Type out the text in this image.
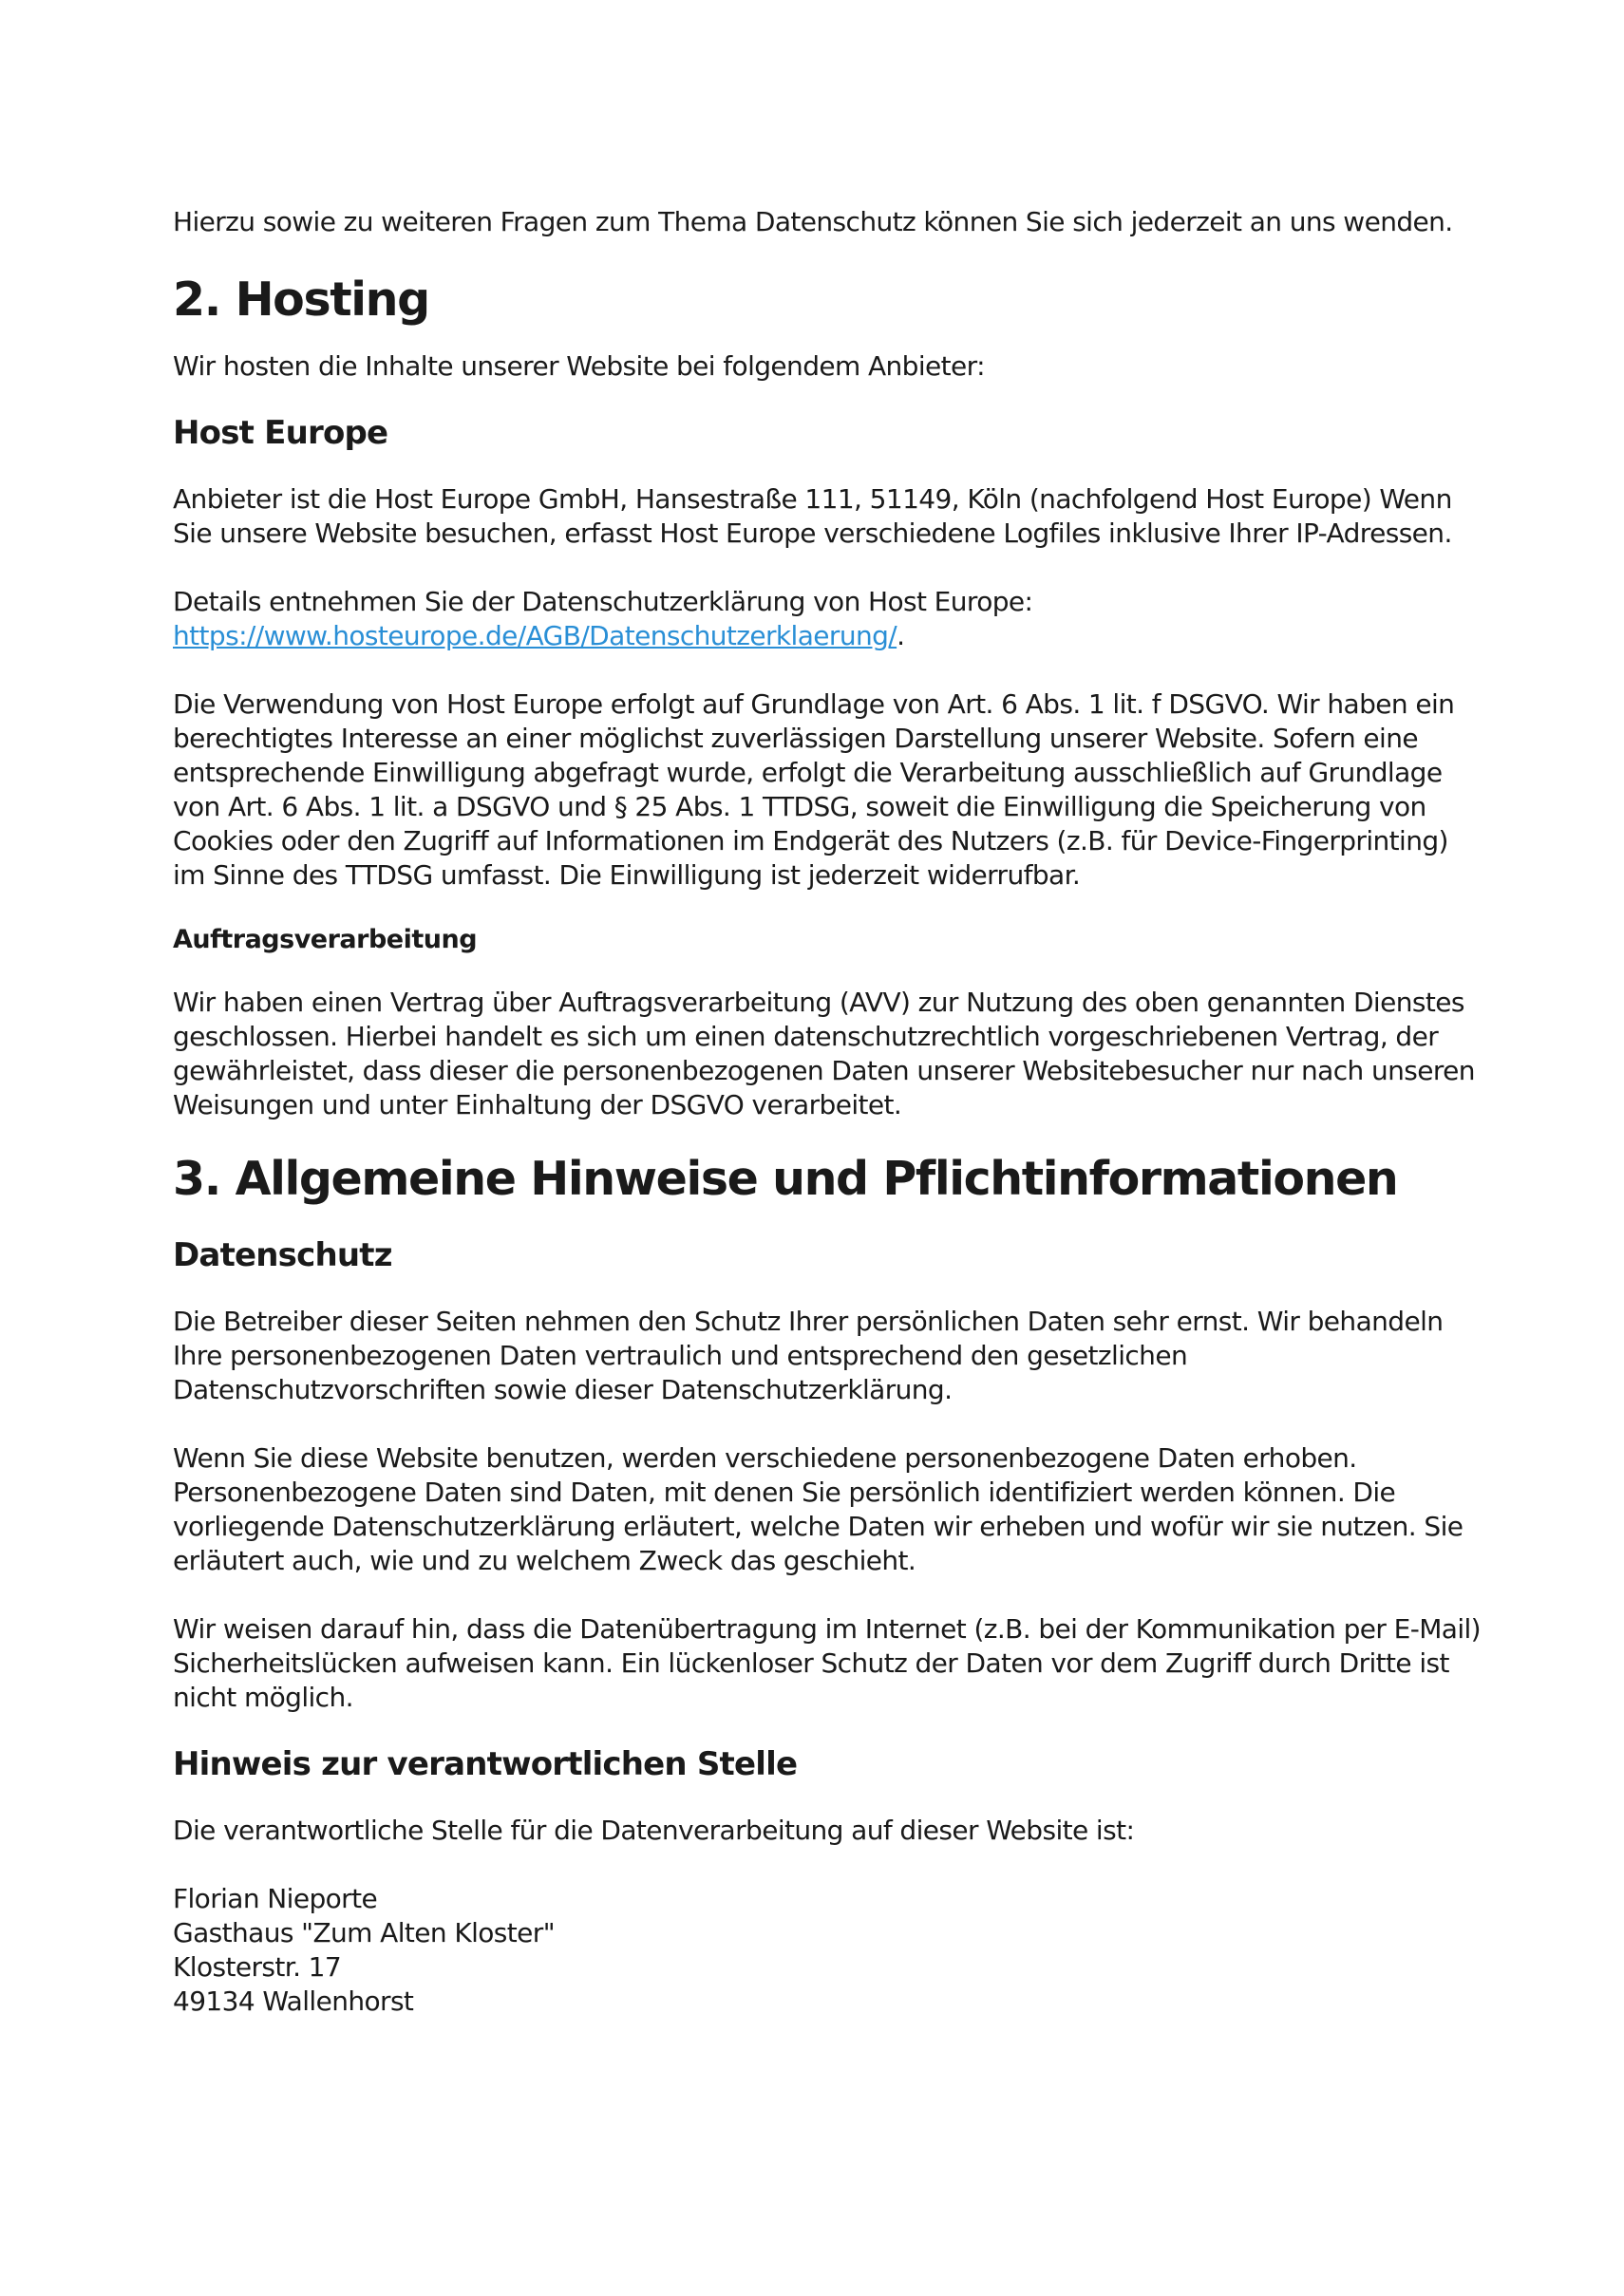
Hierzu sowie zu weiteren Fragen zum Thema Datenschutz können Sie sich jederzeit an uns wenden.

2. Hosting

Wir hosten die Inhalte unserer Website bei folgendem Anbieter:

Host Europe

Anbieter ist die Host Europe GmbH, Hansestraße 111, 51149, Köln (nachfolgend Host Europe) Wenn Sie unsere Website besuchen, erfasst Host Europe verschiedene Logfiles inklusive Ihrer IP-Adressen.

Details entnehmen Sie der Datenschutzerklärung von Host Europe:
https://www.hosteurope.de/AGB/Datenschutzerklaerung/.

Die Verwendung von Host Europe erfolgt auf Grundlage von Art. 6 Abs. 1 lit. f DSGVO. Wir haben ein berechtigtes Interesse an einer möglichst zuverlässigen Darstellung unserer Website. Sofern eine entsprechende Einwilligung abgefragt wurde, erfolgt die Verarbeitung ausschließlich auf Grundlage von Art. 6 Abs. 1 lit. a DSGVO und § 25 Abs. 1 TTDSG, soweit die Einwilligung die Speicherung von Cookies oder den Zugriff auf Informationen im Endgerät des Nutzers (z.B. für Device-Fingerprinting) im Sinne des TTDSG umfasst. Die Einwilligung ist jederzeit widerrufbar.

Auftragsverarbeitung

Wir haben einen Vertrag über Auftragsverarbeitung (AVV) zur Nutzung des oben genannten Dienstes geschlossen. Hierbei handelt es sich um einen datenschutzrechtlich vorgeschriebenen Vertrag, der gewährleistet, dass dieser die personenbezogenen Daten unserer Websitebesucher nur nach unseren Weisungen und unter Einhaltung der DSGVO verarbeitet.

3. Allgemeine Hinweise und Pflichtinformationen
Datenschutz

Die Betreiber dieser Seiten nehmen den Schutz Ihrer persönlichen Daten sehr ernst. Wir behandeln Ihre personenbezogenen Daten vertraulich und entsprechend den gesetzlichen Datenschutzvorschriften sowie dieser Datenschutzerklärung.

Wenn Sie diese Website benutzen, werden verschiedene personenbezogene Daten erhoben. Personenbezogene Daten sind Daten, mit denen Sie persönlich identifiziert werden können. Die vorliegende Datenschutzerklärung erläutert, welche Daten wir erheben und wofür wir sie nutzen. Sie erläutert auch, wie und zu welchem Zweck das geschieht.

Wir weisen darauf hin, dass die Datenübertragung im Internet (z.B. bei der Kommunikation per E-Mail) Sicherheitslücken aufweisen kann. Ein lückenloser Schutz der Daten vor dem Zugriff durch Dritte ist nicht möglich.

Hinweis zur verantwortlichen Stelle

Die verantwortliche Stelle für die Datenverarbeitung auf dieser Website ist:

Florian Nieporte
Gasthaus "Zum Alten Kloster"
Klosterstr. 17
49134 Wallenhorst
